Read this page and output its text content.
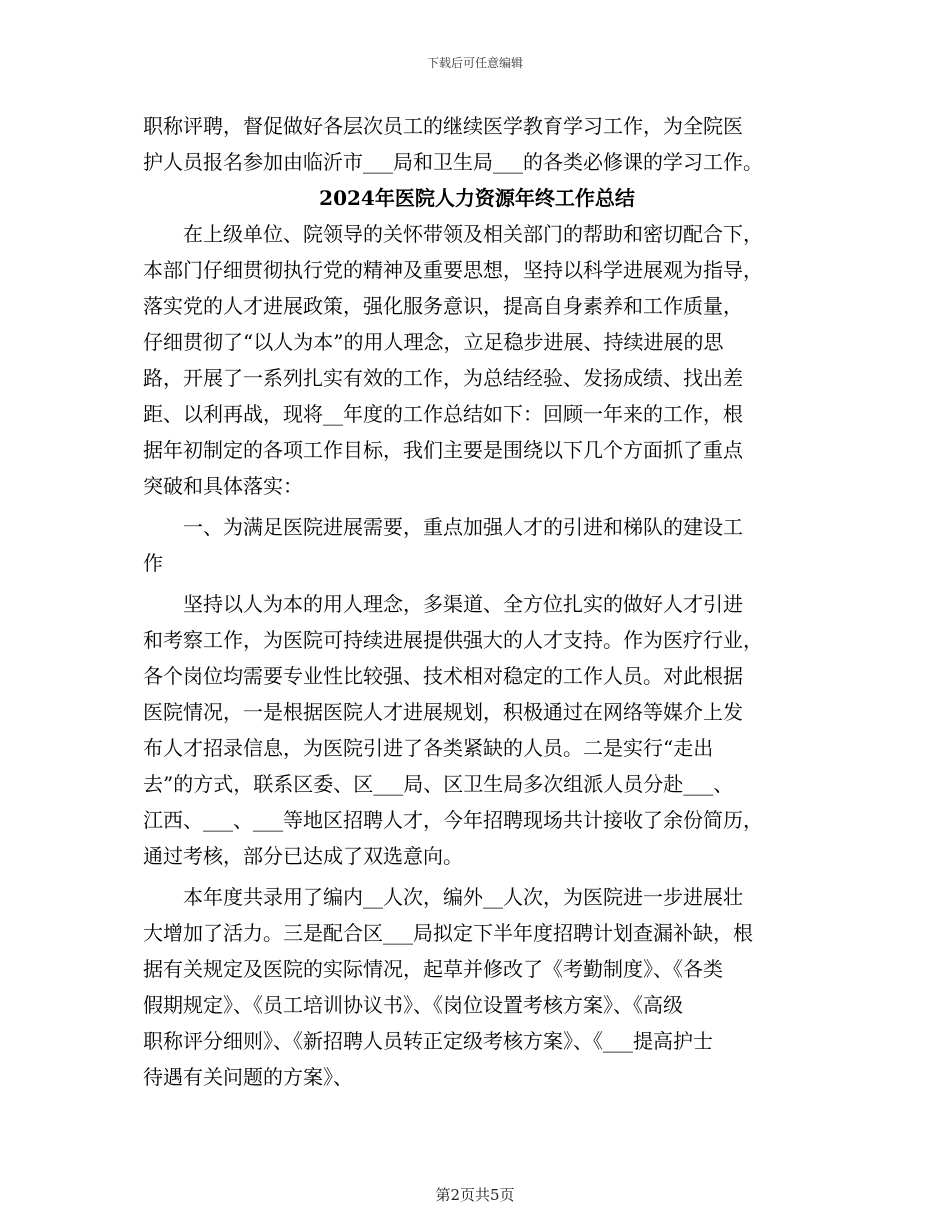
下载后可任意编辑

职称评聘，督促做好各层次员工的继续医学教育学习工作，为全院医

护人员报名参加由临沂市___局和卫生局___的各类必修课的学习工作。

2024年医院人力资源年终工作总结

在上级单位、院领导的关怀带领及相关部门的帮助和密切配合下，

本部门仔细贯彻执行党的精神及重要思想，坚持以科学进展观为指导，

落实党的人才进展政策，强化服务意识，提高自身素养和工作质量，

仔细贯彻了“以人为本”的用人理念，立足稳步进展、持续进展的思

路，开展了一系列扎实有效的工作，为总结经验、发扬成绩、找出差

距、以利再战，现将__年度的工作总结如下：回顾一年来的工作，根

据年初制定的各项工作目标，我们主要是围绕以下几个方面抓了重点

突破和具体落实：

一、为满足医院进展需要，重点加强人才的引进和梯队的建设工

作

坚持以人为本的用人理念，多渠道、全方位扎实的做好人才引进

和考察工作，为医院可持续进展提供强大的人才支持。作为医疗行业，

各个岗位均需要专业性比较强、技术相对稳定的工作人员。对此根据

医院情况，一是根据医院人才进展规划，积极通过在网络等媒介上发

布人才招录信息，为医院引进了各类紧缺的人员。二是实行“走出

去”的方式，联系区委、区___局、区卫生局多次组派人员分赴___、

江西、___、___等地区招聘人才，今年招聘现场共计接收了余份简历，

通过考核，部分已达成了双选意向。

本年度共录用了编内__人次，编外__人次，为医院进一步进展壮

大增加了活力。三是配合区___局拟定下半年度招聘计划查漏补缺，根

据有关规定及医院的实际情况，起草并修改了《考勤制度》、《各类

假期规定》、《员工培训协议书》、《岗位设置考核方案》、《高级

职称评分细则》、《新招聘人员转正定级考核方案》、《___提高护士

待遇有关问题的方案》、

第2页共5页
